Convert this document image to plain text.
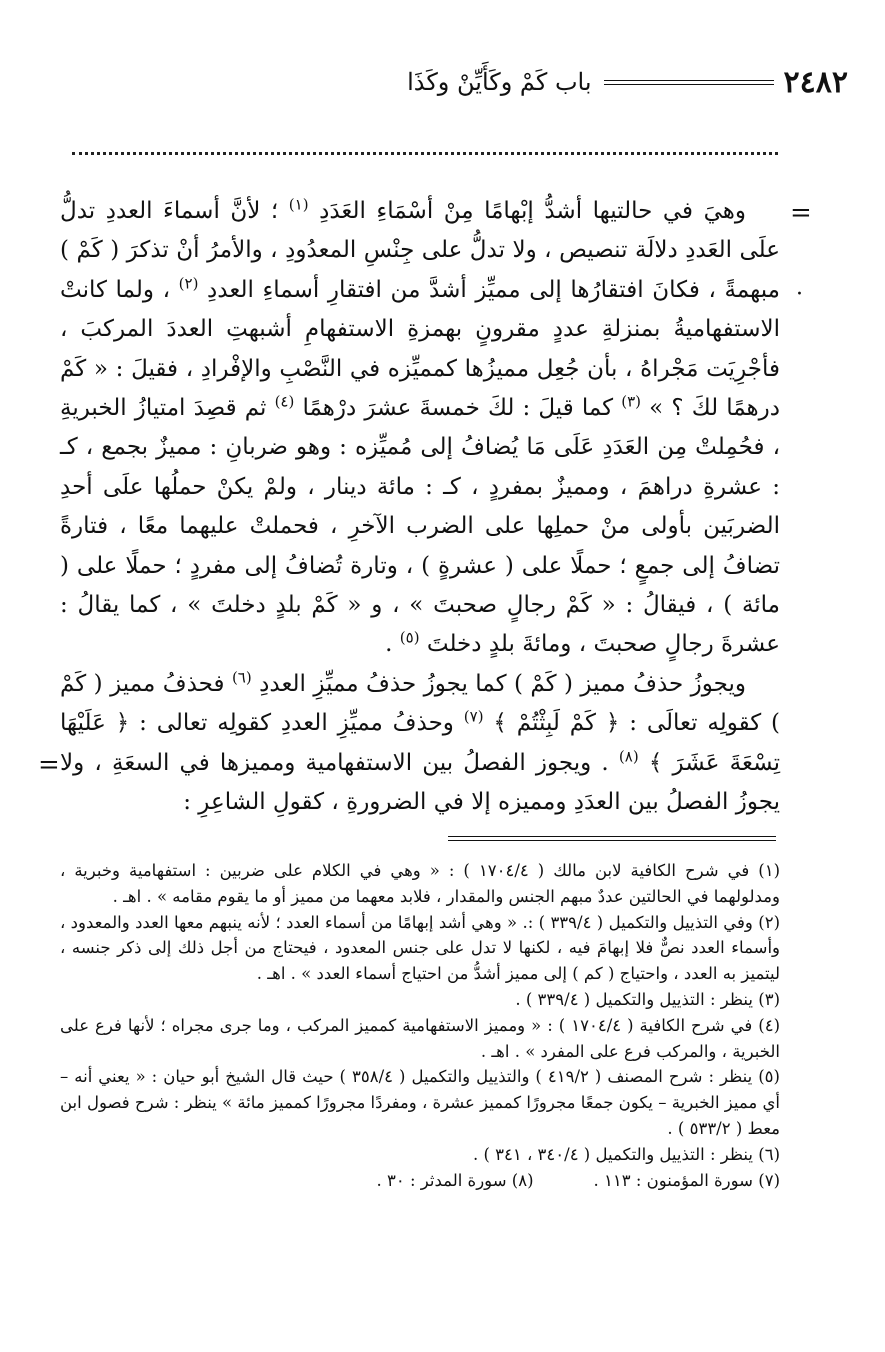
٢٤٨٢
باب كَمْ وكَأَيِّنْ وكَذَا
=
·
=

وهيَ في حالتيها أشدُّ إبْهامًا مِنْ أسْمَاءِ العَدَدِ $^{(١)}$ ؛ لأنَّ أسماءَ العددِ تدلُّ علَى العَددِ دلالَة تنصيص ، ولا تدلُّ على جِنْسِ المعدُودِ ، والأمرُ أنْ تذكرَ ( كَمْ ) مبهمةً ، فكانَ افتقارُها إلى مميِّز أشدَّ من افتقارِ أسماءِ العددِ $^{(٢)}$ ، ولما كانتْ الاستفهاميةُ بمنزلةِ عددٍ مقرونٍ بهمزةِ الاستفهامِ أشبهتِ العددَ المركبَ ، فأجْرِيَت مَجْراهُ ، بأن جُعِل مميزُها كمميِّزه في النَّصْبِ والإفْرادِ ، فقيلَ : « كَمْ درهمًا لكَ ؟ » $^{(٣)}$ كما قيلَ : لكَ خمسةَ عشرَ درْهمًا $^{(٤)}$ ثم قصِدَ امتيازُ الخبريةِ ، فحُمِلتْ مِن العَدَدِ عَلَى مَا يُضافُ إلى مُميِّزه : وهو ضربانِ : مميزٌ بجمع ، كـ : عشرةِ دراهمَ ، ومميزٌ بمفردٍ ، كـ : مائة دينار ، ولمْ يكنْ حملُها علَى أحدِ الضربَين بأولى منْ حملِها على الضرب الآخرِ ، فحملتْ عليهما معًا ، فتارةً تضافُ إلى جمعٍ ؛ حملًا على ( عشرةٍ ) ، وتارة تُضافُ إلى مفردٍ ؛ حملًا على ( مائة ) ، فيقالُ : « كَمْ رجالٍ صحبتَ » ، و « كَمْ بلدٍ دخلتَ » ، كما يقالُ : عشرةَ رجالٍ صحبتَ ، ومائةَ بلدٍ دخلتَ $^{(٥)}$ .

ويجوزُ حذفُ مميز ( كَمْ ) كما يجوزُ حذفُ مميِّزِ العددِ $^{(٦)}$ فحذفُ مميز ( كَمْ ) كقولِه تعالَى : ﴿ كَمْ لَبِثْتُمْ ﴾ $^{(٧)}$ وحذفُ مميِّزِ العددِ كقولِه تعالى : ﴿ عَلَيْهَا تِسْعَةَ عَشَرَ ﴾ $^{(٨)}$ . ويجوز الفصلُ بين الاستفهامية ومميزها في السعَةِ ، ولا يجوزُ الفصلُ بين العدَدِ ومميزه إلا في الضرورةِ ، كقولِ الشاعِرِ :

(١) في شرح الكافية لابن مالك ( ١٧٠٤/٤ ) : « وهي في الكلام على ضربين : استفهامية وخبرية ، ومدلولهما في الحالتين عددٌ مبهم الجنس والمقدار ، فلابد معهما من مميز أو ما يقوم مقامه » . اهـ .

(٢) وفي التذييل والتكميل ( ٣٣٩/٤ ) :. « وهي أشد إبهامًا من أسماء العدد ؛ لأنه ينبهم معها العدد والمعدود ، وأسماء العدد نصٌّ فلا إبهامَ فيه ، لكنها لا تدل على جنس المعدود ، فيحتاج من أجل ذلك إلى ذكر جنسه ، ليتميز به العدد ، واحتياج ( كم ) إلى مميز أشدُّ من احتياج أسماء العدد » . اهـ .

(٣) ينظر : التذييل والتكميل ( ٣٣٩/٤ ) .

(٤) في شرح الكافية ( ١٧٠٤/٤ ) : « ومميز الاستفهامية كمميز المركب ، وما جرى مجراه ؛ لأنها فرع على الخبرية ، والمركب فرع على المفرد » . اهـ .

(٥) ينظر : شرح المصنف ( ٤١٩/٢ ) والتذييل والتكميل ( ٣٥٨/٤ ) حيث قال الشيخ أبو حيان : « يعني أنه – أي مميز الخبرية – يكون جمعًا مجرورًا كمميز عشرة ، ومفردًا مجرورًا كمميز مائة » ينظر : شرح فصول ابن معط ( ٥٣٣/٢ ) .

(٦) ينظر : التذييل والتكميل ( ٣٤٠/٤ ، ٣٤١ ) .

(٧) سورة المؤمنون : ١١٣ .
(٨) سورة المدثر : ٣٠ .
